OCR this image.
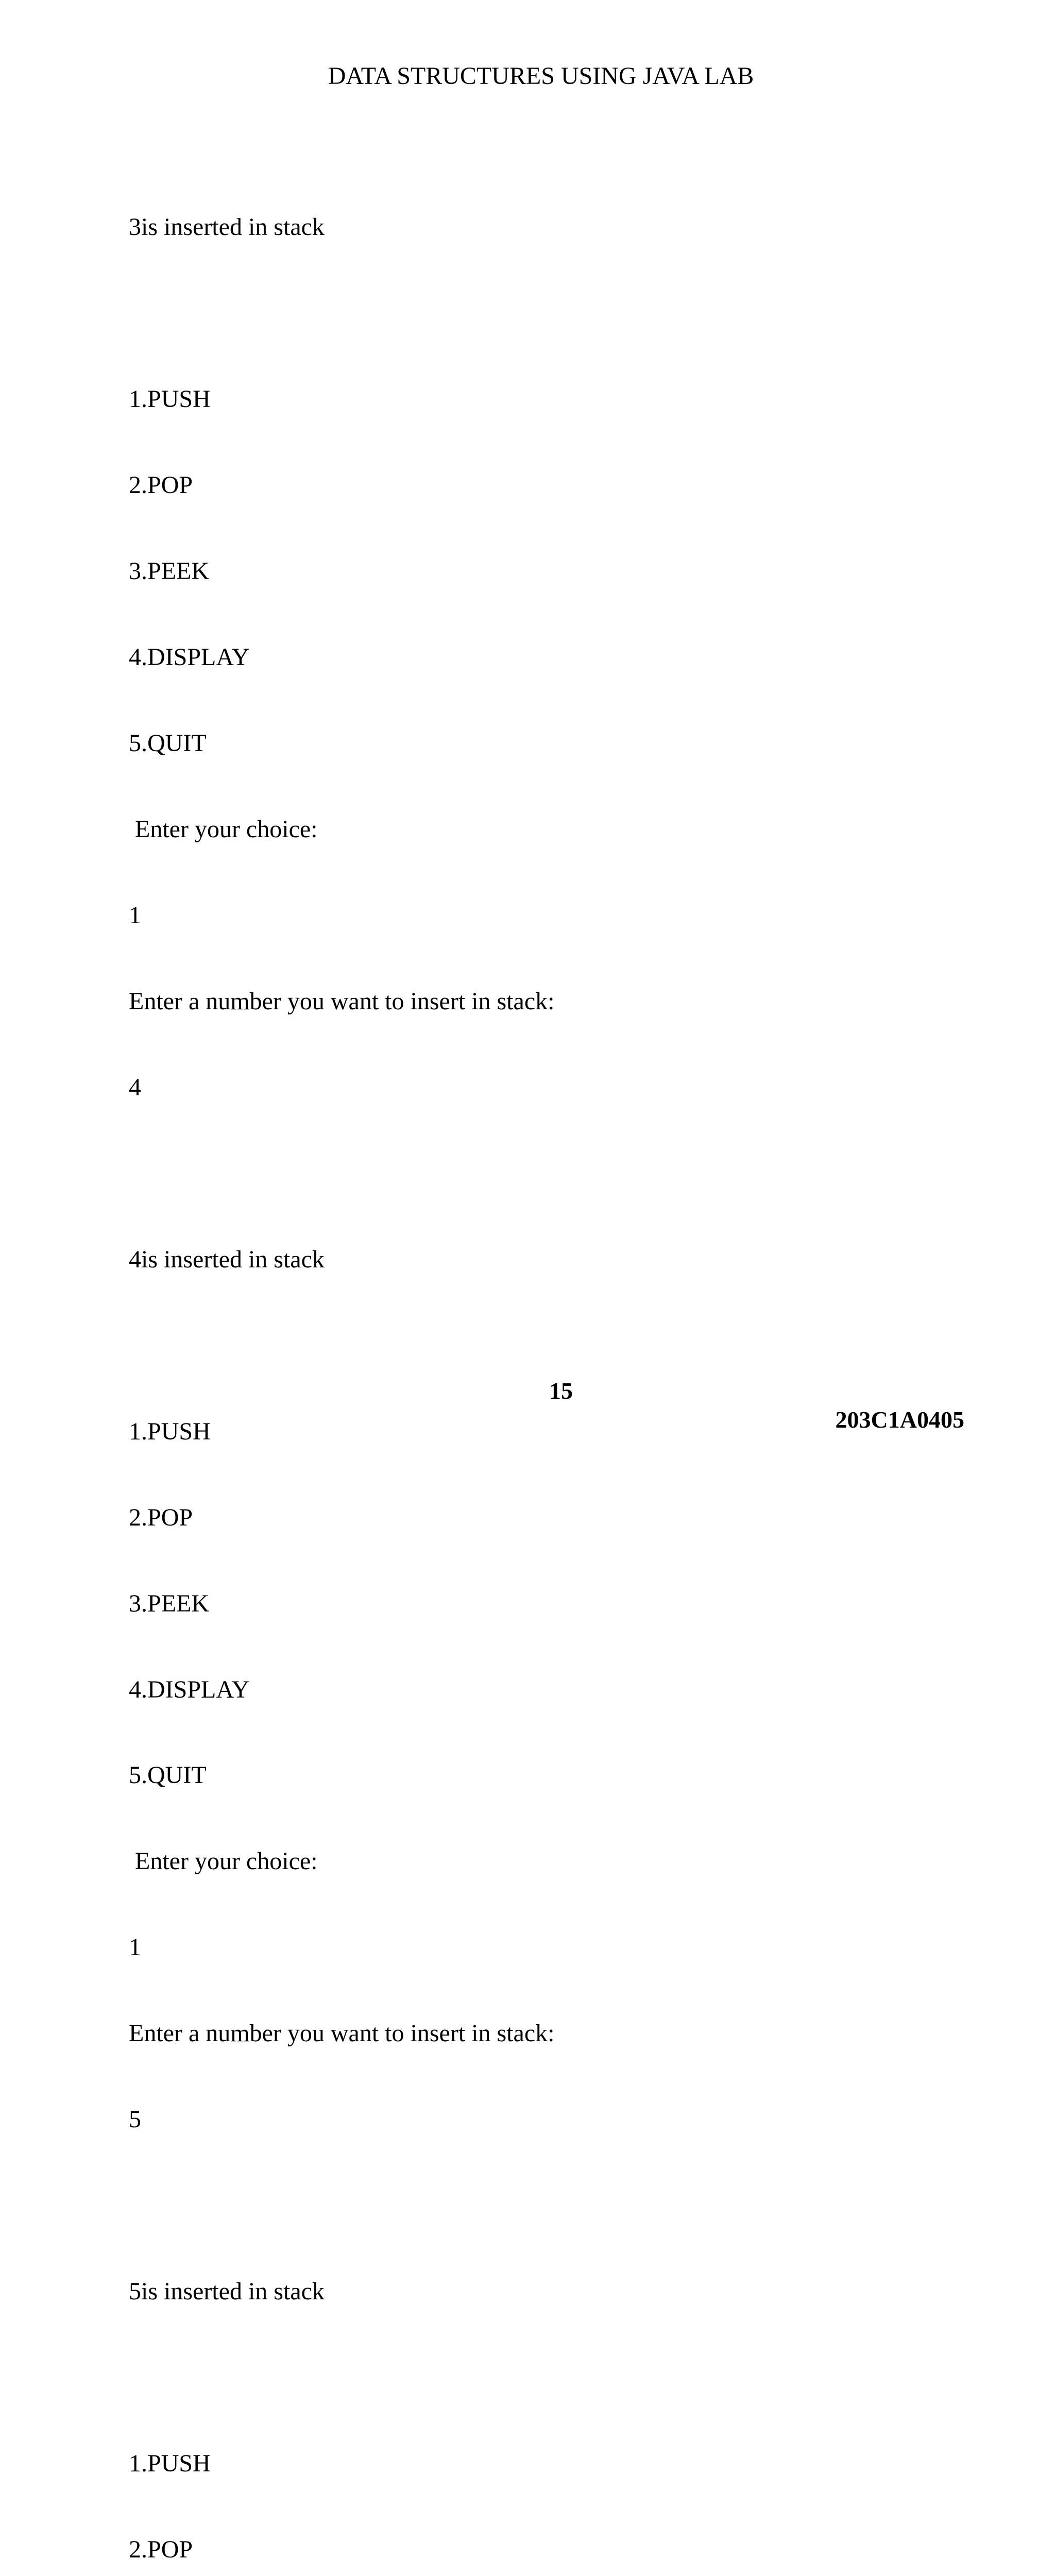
DATA STRUCTURES USING JAVA LAB

3is inserted in stack

1.PUSH

2.POP

3.PEEK

4.DISPLAY

5.QUIT

Enter your choice:

1

Enter a number you want to insert in stack:

4

4is inserted in stack

1.PUSH

2.POP

3.PEEK

4.DISPLAY

5.QUIT

Enter your choice:

1

Enter a number you want to insert in stack:

5

5is inserted in stack

1.PUSH

2.POP

15
203C1A0405
